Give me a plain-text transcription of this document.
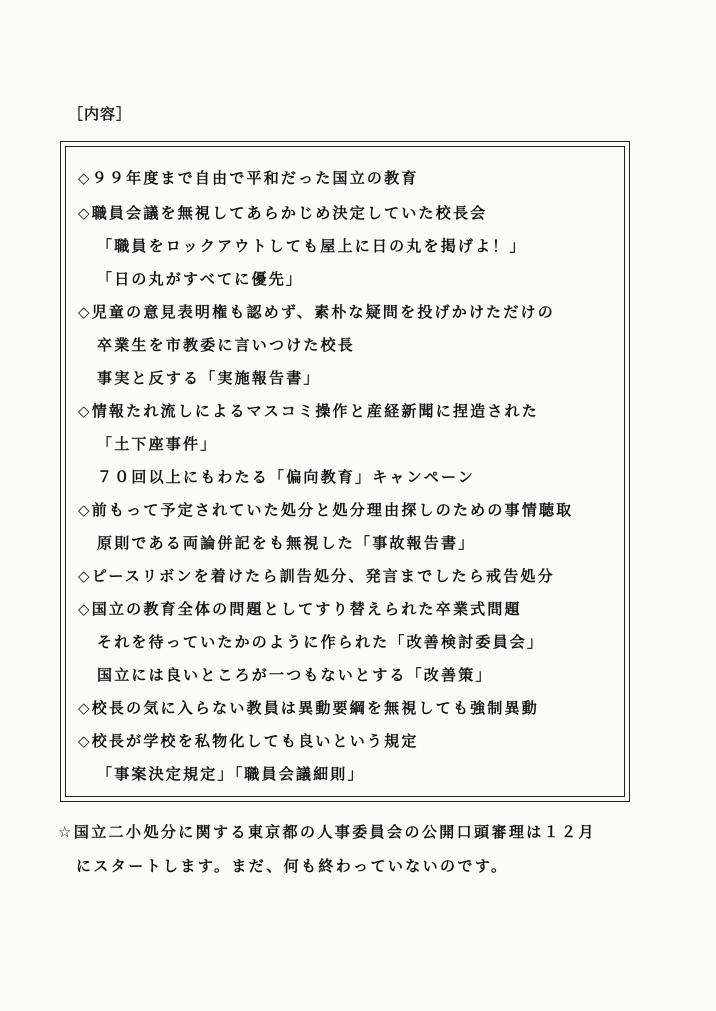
［内容］
◇９９年度まで自由で平和だった国立の教育
◇職員会議を無視してあらかじめ決定していた校長会
「職員をロックアウトしても屋上に日の丸を掲げよ！」
「日の丸がすべてに優先」
◇児童の意見表明権も認めず、素朴な疑問を投げかけただけの
卒業生を市教委に言いつけた校長
事実と反する「実施報告書」
◇情報たれ流しによるマスコミ操作と産経新聞に捏造された
「土下座事件」
７０回以上にもわたる「偏向教育」キャンペーン
◇前もって予定されていた処分と処分理由探しのための事情聴取
原則である両論併記をも無視した「事故報告書」
◇ピースリボンを着けたら訓告処分、発言までしたら戒告処分
◇国立の教育全体の問題としてすり替えられた卒業式問題
それを待っていたかのように作られた「改善検討委員会」
国立には良いところが一つもないとする「改善策」
◇校長の気に入らない教員は異動要綱を無視しても強制異動
◇校長が学校を私物化しても良いという規定
「事案決定規定」「職員会議細則」
☆国立二小処分に関する東京都の人事委員会の公開口頭審理は１２月
にスタートします。まだ、何も終わっていないのです。
